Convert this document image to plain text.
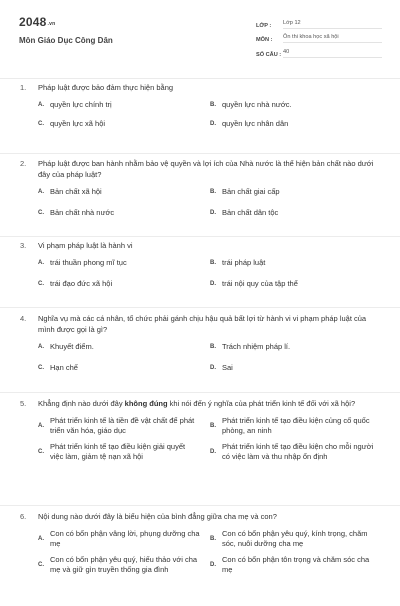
2048.vn
Môn Giáo Dục Công Dân
LỚP :	Lớp 12
MÔN :	Ôn thi khoa học xã hội
SỐ CÂU : 40
1.	Pháp luật được bảo đảm thực hiện bằng
A. quyền lực chính trị	B. quyền lực nhà nước.
C. quyền lực xã hội	D. quyền lực nhân dân
2.	Pháp luật được ban hành nhằm bảo vệ quyền và lợi ích của Nhà nước là thể hiện bản chất nào dưới đây của pháp luật?
A. Bản chất xã hội	B. Bản chất giai cấp
C. Bản chất nhà nước	D. Bản chất dân tộc
3.	Vi phạm pháp luật là hành vi
A. trái thuần phong mĩ tục	B. trái pháp luật
C. trái đạo đức xã hội	D. trái nội quy của tập thể
4.	Nghĩa vụ mà các cá nhân, tổ chức phải gánh chịu hậu quả bất lợi từ hành vi vi phạm pháp luật của mình được gọi là gì?
A. Khuyết điểm.	B. Trách nhiệm pháp lí.
C. Hạn chế	D. Sai
5.	Khẳng định nào dưới đây không đúng khi nói đến ý nghĩa của phát triển kinh tế đối với xã hội?
A.
Phát triển kinh tế là tiền đề vật chất để phát triển văn hóa, giáo dục	B.
Phát triển kinh tế tạo điều kiện củng cố quốc phòng, an ninh
C.
Phát triển kinh tế tạo điều kiện giải quyết việc làm, giảm tệ nạn xã hội	D.
Phát triển kinh tế tạo điều kiện cho mỗi người có việc làm và thu nhập ổn định
6.	Nội dung nào dưới đây là biểu hiện của bình đẳng giữa cha mẹ và con?
A.
Con có bổn phận vâng lời, phụng dưỡng cha mẹ	B.
Con có bổn phận yêu quý, kính trọng, chăm sóc, nuôi dưỡng cha mẹ
C.
Con có bổn phận yêu quý, hiếu thảo với cha mẹ và giữ gìn truyền thống gia đình	D.
Con có bổn phận tôn trọng và chăm sóc cha mẹ
